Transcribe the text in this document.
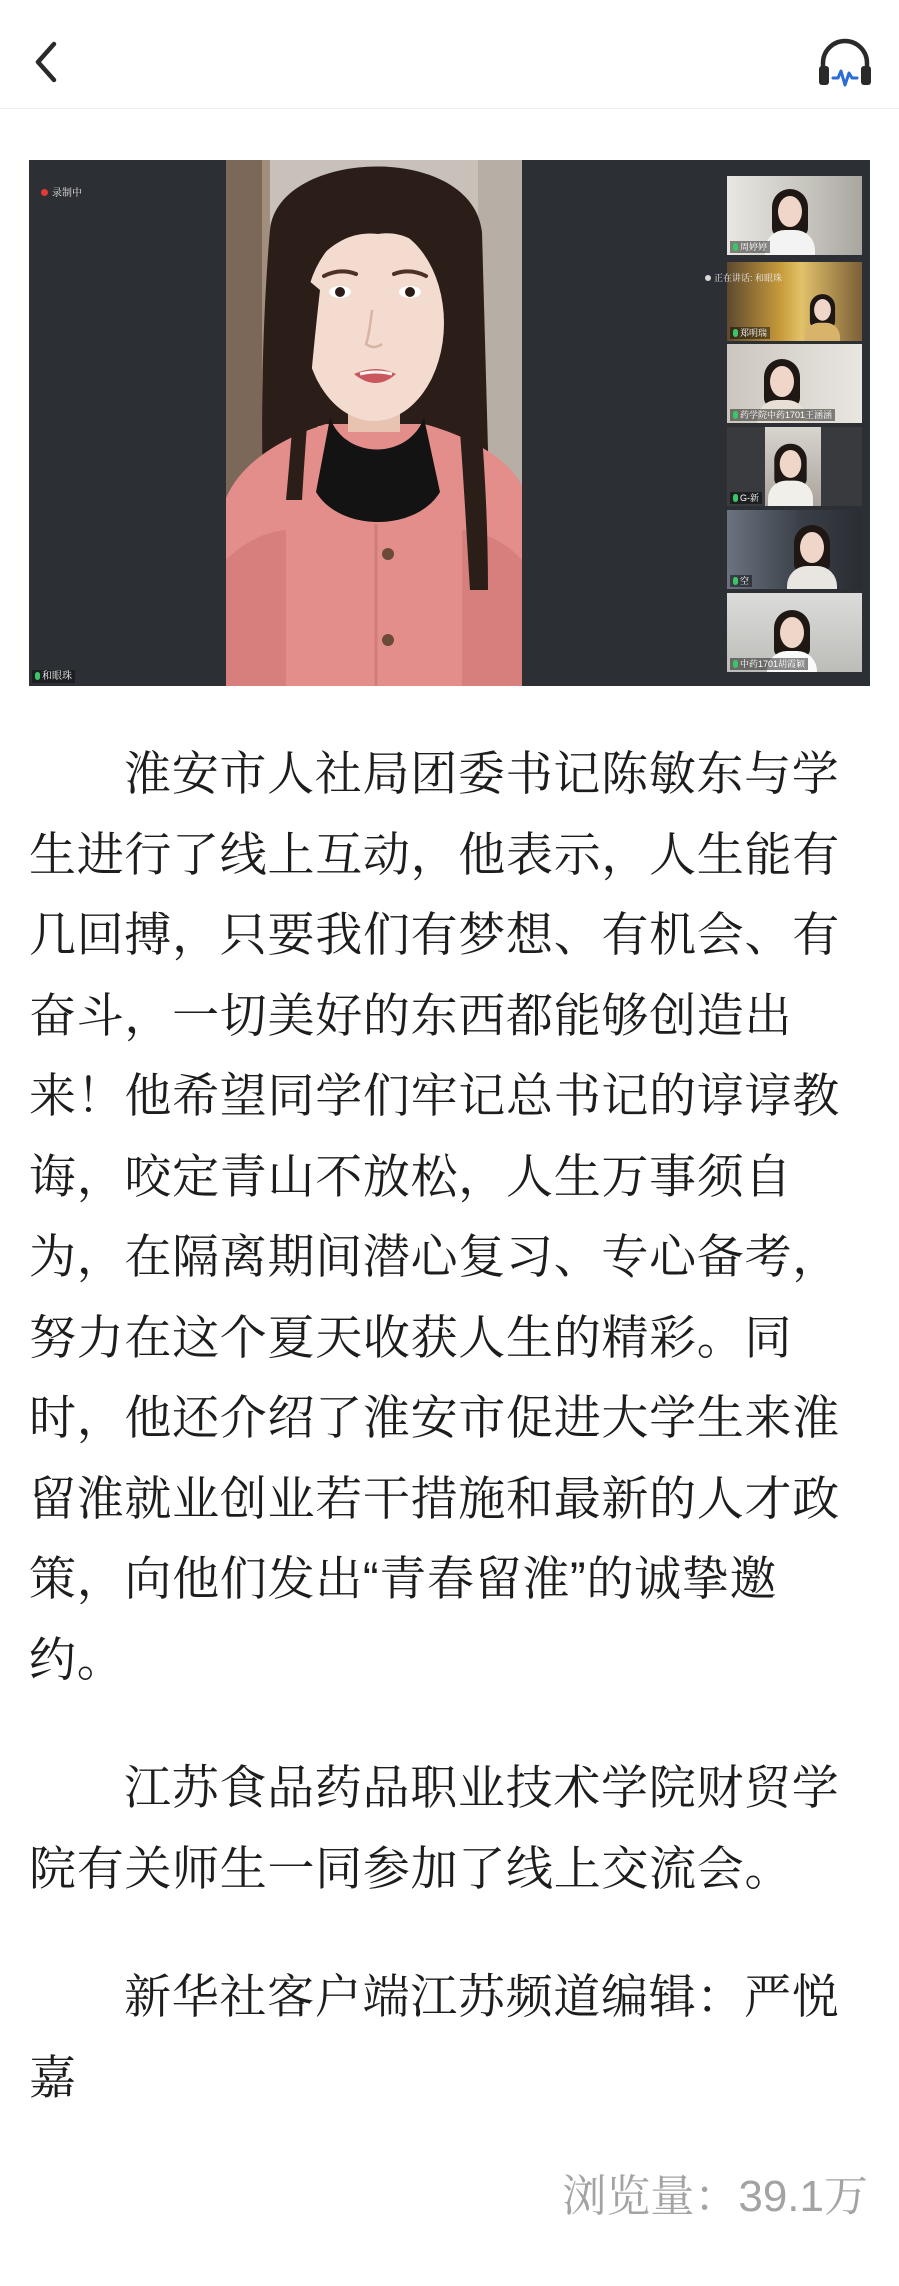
录制中
和眼珠
正在讲话: 和眼珠
周婷婷
郑明瑞
药学院中药1701王涵涵
G-新
空
中药1701胡霞颖

淮安市人社局团委书记陈敏东与学生进行了线上互动，他表示，人生能有几回搏，只要我们有梦想、有机会、有奋斗，一切美好的东西都能够创造出来！他希望同学们牢记总书记的谆谆教诲，咬定青山不放松，人生万事须自为，在隔离期间潜心复习、专心备考，努力在这个夏天收获人生的精彩。同时，他还介绍了淮安市促进大学生来淮留淮就业创业若干措施和最新的人才政策，向他们发出“青春留淮”的诚挚邀约。

江苏食品药品职业技术学院财贸学院有关师生一同参加了线上交流会。

新华社客户端江苏频道编辑：严悦嘉

浏览量：39.1万
